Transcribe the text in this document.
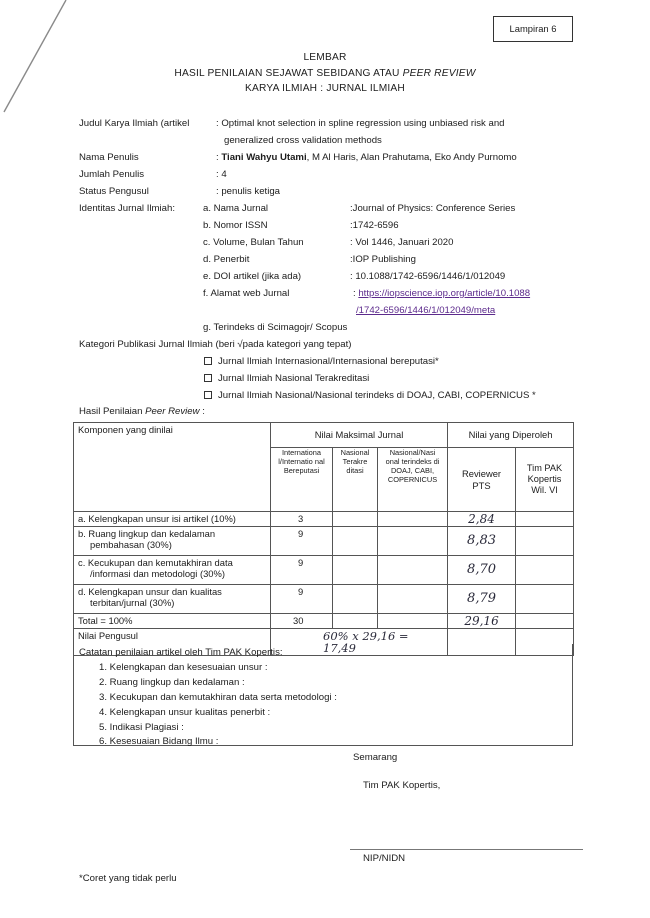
Lampiran 6
LEMBAR
HASIL PENILAIAN SEJAWAT SEBIDANG ATAU PEER REVIEW
KARYA ILMIAH : JURNAL ILMIAH
Judul Karya Ilmiah (artikel	: Optimal knot selection in spline regression using unbiased risk and
generalized cross validation methods
Nama Penulis	: Tiani Wahyu Utami, M Al Haris, Alan Prahutama, Eko Andy Purnomo
Jumlah Penulis	: 4
Status Pengusul	: penulis ketiga
Identitas Jurnal Ilmiah:	a. Nama Jurnal	:Journal of Physics: Conference Series
b. Nomor ISSN	:1742-6596
c. Volume, Bulan Tahun	: Vol 1446, Januari 2020
d. Penerbit	:IOP Publishing
e. DOI artikel (jika ada)	: 10.1088/1742-6596/1446/1/012049
f. Alamat web Jurnal	: https://iopscience.iop.org/article/10.1088
/1742-6596/1446/1/012049/meta
g. Terindeks di Scimagojr/ Scopus
Kategori Publikasi Jurnal Ilmiah (beri √pada kategori yang tepat)
Jurnal Ilmiah Internasional/Internasional bereputasi*
Jurnal Ilmiah Nasional Terakreditasi
Jurnal Ilmiah Nasional/Nasional terindeks di DOAJ, CABI, COPERNICUS *
Hasil Penilaian Peer Review :
Komponen yang dinilai	Nilai Maksimal Jurnal			Nilai yang Diperoleh	
	Internationa l/Internatio nal Bereputasi	Nasional Terakre ditasi	Nasional/Nasi onal terindeks di DOAJ, CABI, COPERNICUS	Reviewer PTS	Tim PAK Kopertis Wil. VI
a. Kelengkapan unsur isi artikel (10%)	3			2,84	
b. Ruang lingkup dan kedalaman
pembahasan (30%)	9			8,83	
c. Kecukupan dan kemutakhiran data
/informasi dan metodologi (30%)	9			8,70	
d. Kelengkapan unsur dan kualitas
terbitan/jurnal (30%)	9			8,79	
Total = 100%	30			29,16	
Nilai Pengusul	60% x 29,16 = 17,49				
Catatan penilaian artikel oleh Tim PAK Kopertis:
1. Kelengkapan dan kesesuaian unsur :
2. Ruang lingkup dan kedalaman :
3. Kecukupan dan kemutakhiran data serta metodologi :
4. Kelengkapan unsur kualitas penerbit :
5. Indikasi Plagiasi :
6. Kesesuaian Bidang Ilmu :
Semarang
Tim PAK Kopertis,
NIP/NIDN
*Coret yang tidak perlu
